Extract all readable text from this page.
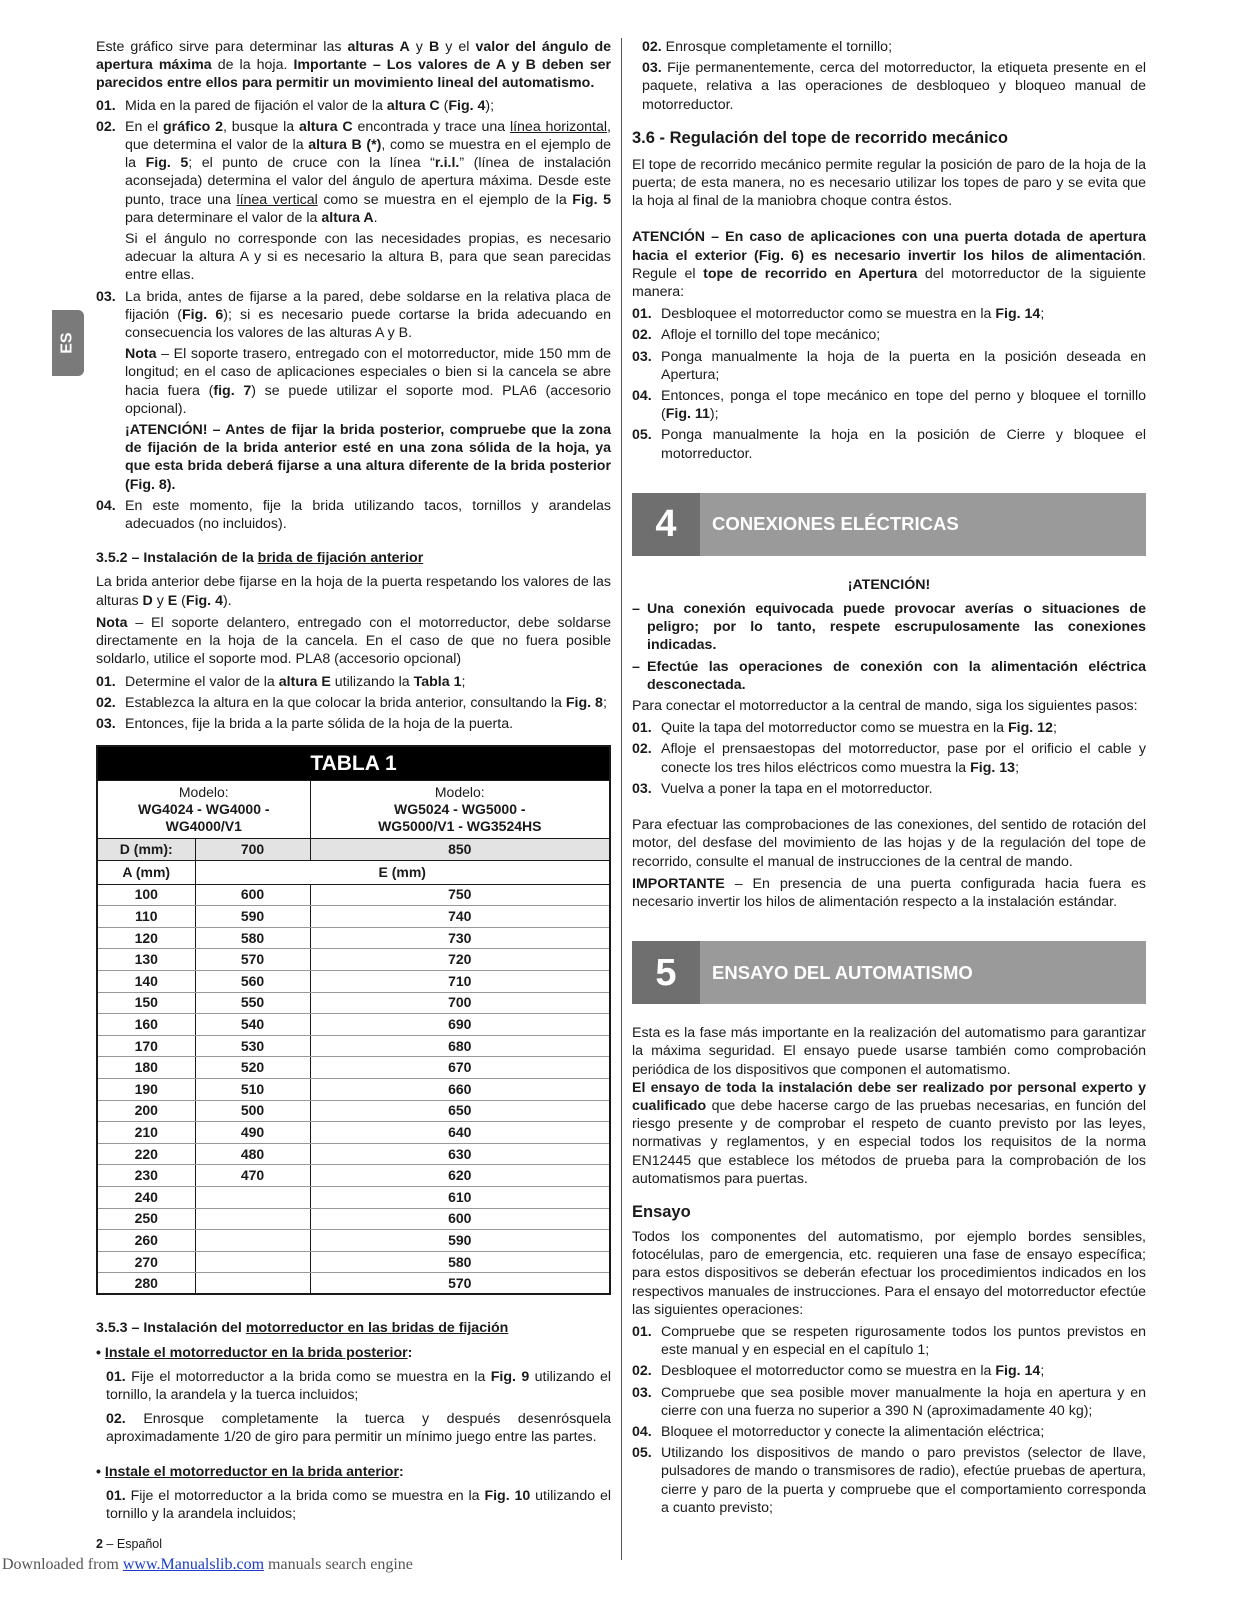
ES

Este gráfico sirve para determinar las alturas A y B y el valor del ángulo de apertura máxima de la hoja. Importante – Los valores de A y B deben ser parecidos entre ellos para permitir un movimiento lineal del automatismo.

01. Mida en la pared de fijación el valor de la altura C (Fig. 4);
02. En el gráfico 2, busque la altura C encontrada y trace una línea horizontal, que determina el valor de la altura B (*), como se muestra en el ejemplo de la Fig. 5; el punto de cruce con la línea “r.i.l.” (línea de instalación aconsejada) determina el valor del ángulo de apertura máxima. Desde este punto, trace una línea vertical como se muestra en el ejemplo de la Fig. 5 para determinare el valor de la altura A.

Si el ángulo no corresponde con las necesidades propias, es necesario adecuar la altura A y si es necesario la altura B, para que sean parecidas entre ellas.

03. La brida, antes de fijarse a la pared, debe soldarse en la relativa placa de fijación (Fig. 6); si es necesario puede cortarse la brida adecuando en consecuencia los valores de las alturas A y B.

Nota – El soporte trasero, entregado con el motorreductor, mide 150 mm de longitud; en el caso de aplicaciones especiales o bien si la cancela se abre hacia fuera (fig. 7) se puede utilizar el soporte mod. PLA6 (accesorio opcional).

¡ATENCIÓN! – Antes de fijar la brida posterior, compruebe que la zona de fijación de la brida anterior esté en una zona sólida de la hoja, ya que esta brida deberá fijarse a una altura diferente de la brida posterior (Fig. 8).

04. En este momento, fije la brida utilizando tacos, tornillos y arandelas adecuados (no incluidos).

3.5.2 – Instalación de la brida de fijación anterior

La brida anterior debe fijarse en la hoja de la puerta respetando los valores de las alturas D y E (Fig. 4).

Nota – El soporte delantero, entregado con el motorreductor, debe soldarse directamente en la hoja de la cancela. En el caso de que no fuera posible soldarlo, utilice el soporte mod. PLA8 (accesorio opcional)

01. Determine el valor de la altura E utilizando la Tabla 1;
02. Establezca la altura en la que colocar la brida anterior, consultando la Fig. 8;
03. Entonces, fije la brida a la parte sólida de la hoja de la puerta.
TABLA 1		
Modelo:
WG4024 - WG4000 - WG4000/V1		Modelo:
WG5024 - WG5000 - WG5000/V1 - WG3524HS
D (mm):	700	850
A (mm)	E (mm)	
100	600	750
110	590	740
120	580	730
130	570	720
140	560	710
150	550	700
160	540	690
170	530	680
180	520	670
190	510	660
200	500	650
210	490	640
220	480	630
230	470	620
240		610
250		600
260		590
270		580
280		570

3.5.3 – Instalación del motorreductor en las bridas de fijación

• Instale el motorreductor en la brida posterior:

01. Fije el motorreductor a la brida como se muestra en la Fig. 9 utilizando el tornillo, la arandela y la tuerca incluidos;

02. Enrosque completamente la tuerca y después desenrósquela aproximadamente 1/20 de giro para permitir un mínimo juego entre las partes.

• Instale el motorreductor en la brida anterior:

01. Fije el motorreductor a la brida como se muestra en la Fig. 10 utilizando el tornillo y la arandela incluidos;

02. Enrosque completamente el tornillo;

03. Fije permanentemente, cerca del motorreductor, la etiqueta presente en el paquete, relativa a las operaciones de desbloqueo y bloqueo manual de motorreductor.

3.6 - Regulación del tope de recorrido mecánico

El tope de recorrido mecánico permite regular la posición de paro de la hoja de la puerta; de esta manera, no es necesario utilizar los topes de paro y se evita que la hoja al final de la maniobra choque contra éstos.

ATENCIÓN – En caso de aplicaciones con una puerta dotada de apertura hacia el exterior (Fig. 6) es necesario invertir los hilos de alimentación. Regule el tope de recorrido en Apertura del motorreductor de la siguiente manera:

01. Desbloquee el motorreductor como se muestra en la Fig. 14;
02. Afloje el tornillo del tope mecánico;
03. Ponga manualmente la hoja de la puerta en la posición deseada en Apertura;
04. Entonces, ponga el tope mecánico en tope del perno y bloquee el tornillo (Fig. 11);
05. Ponga manualmente la hoja en la posición de Cierre y bloquee el motorreductor.
4	CONEXIONES ELÉCTRICAS

¡ATENCIÓN!

– Una conexión equivocada puede provocar averías o situaciones de peligro; por lo tanto, respete escrupulosamente las conexiones indicadas.
– Efectúe las operaciones de conexión con la alimentación eléctrica desconectada.

Para conectar el motorreductor a la central de mando, siga los siguientes pasos:

01. Quite la tapa del motorreductor como se muestra en la Fig. 12;
02. Afloje el prensaestopas del motorreductor, pase por el orificio el cable y conecte los tres hilos eléctricos como muestra la Fig. 13;
03. Vuelva a poner la tapa en el motorreductor.

Para efectuar las comprobaciones de las conexiones, del sentido de rotación del motor, del desfase del movimiento de las hojas y de la regulación del tope de recorrido, consulte el manual de instrucciones de la central de mando.

IMPORTANTE – En presencia de una puerta configurada hacia fuera es necesario invertir los hilos de alimentación respecto a la instalación estándar.

5	ENSAYO DEL AUTOMATISMO

Esta es la fase más importante en la realización del automatismo para garantizar la máxima seguridad. El ensayo puede usarse también como comprobación periódica de los dispositivos que componen el automatismo.

El ensayo de toda la instalación debe ser realizado por personal experto y cualificado que debe hacerse cargo de las pruebas necesarias, en función del riesgo presente y de comprobar el respeto de cuanto previsto por las leyes, normativas y reglamentos, y en especial todos los requisitos de la norma EN12445 que establece los métodos de prueba para la comprobación de los automatismos para puertas.

Ensayo

Todos los componentes del automatismo, por ejemplo bordes sensibles, fotocélulas, paro de emergencia, etc. requieren una fase de ensayo específica; para estos dispositivos se deberán efectuar los procedimientos indicados en los respectivos manuales de instrucciones. Para el ensayo del motorreductor efectúe las siguientes operaciones:

01. Compruebe que se respeten rigurosamente todos los puntos previstos en este manual y en especial en el capítulo 1;
02. Desbloquee el motorreductor como se muestra en la Fig. 14;
03. Compruebe que sea posible mover manualmente la hoja en apertura y en cierre con una fuerza no superior a 390 N (aproximadamente 40 kg);
04. Bloquee el motorreductor y conecte la alimentación eléctrica;
05. Utilizando los dispositivos de mando o paro previstos (selector de llave, pulsadores de mando o transmisores de radio), efectúe pruebas de apertura, cierre y paro de la puerta y compruebe que el comportamiento corresponda a cuanto previsto;
2 – Español
Downloaded from www.Manualslib.com manuals search engine
